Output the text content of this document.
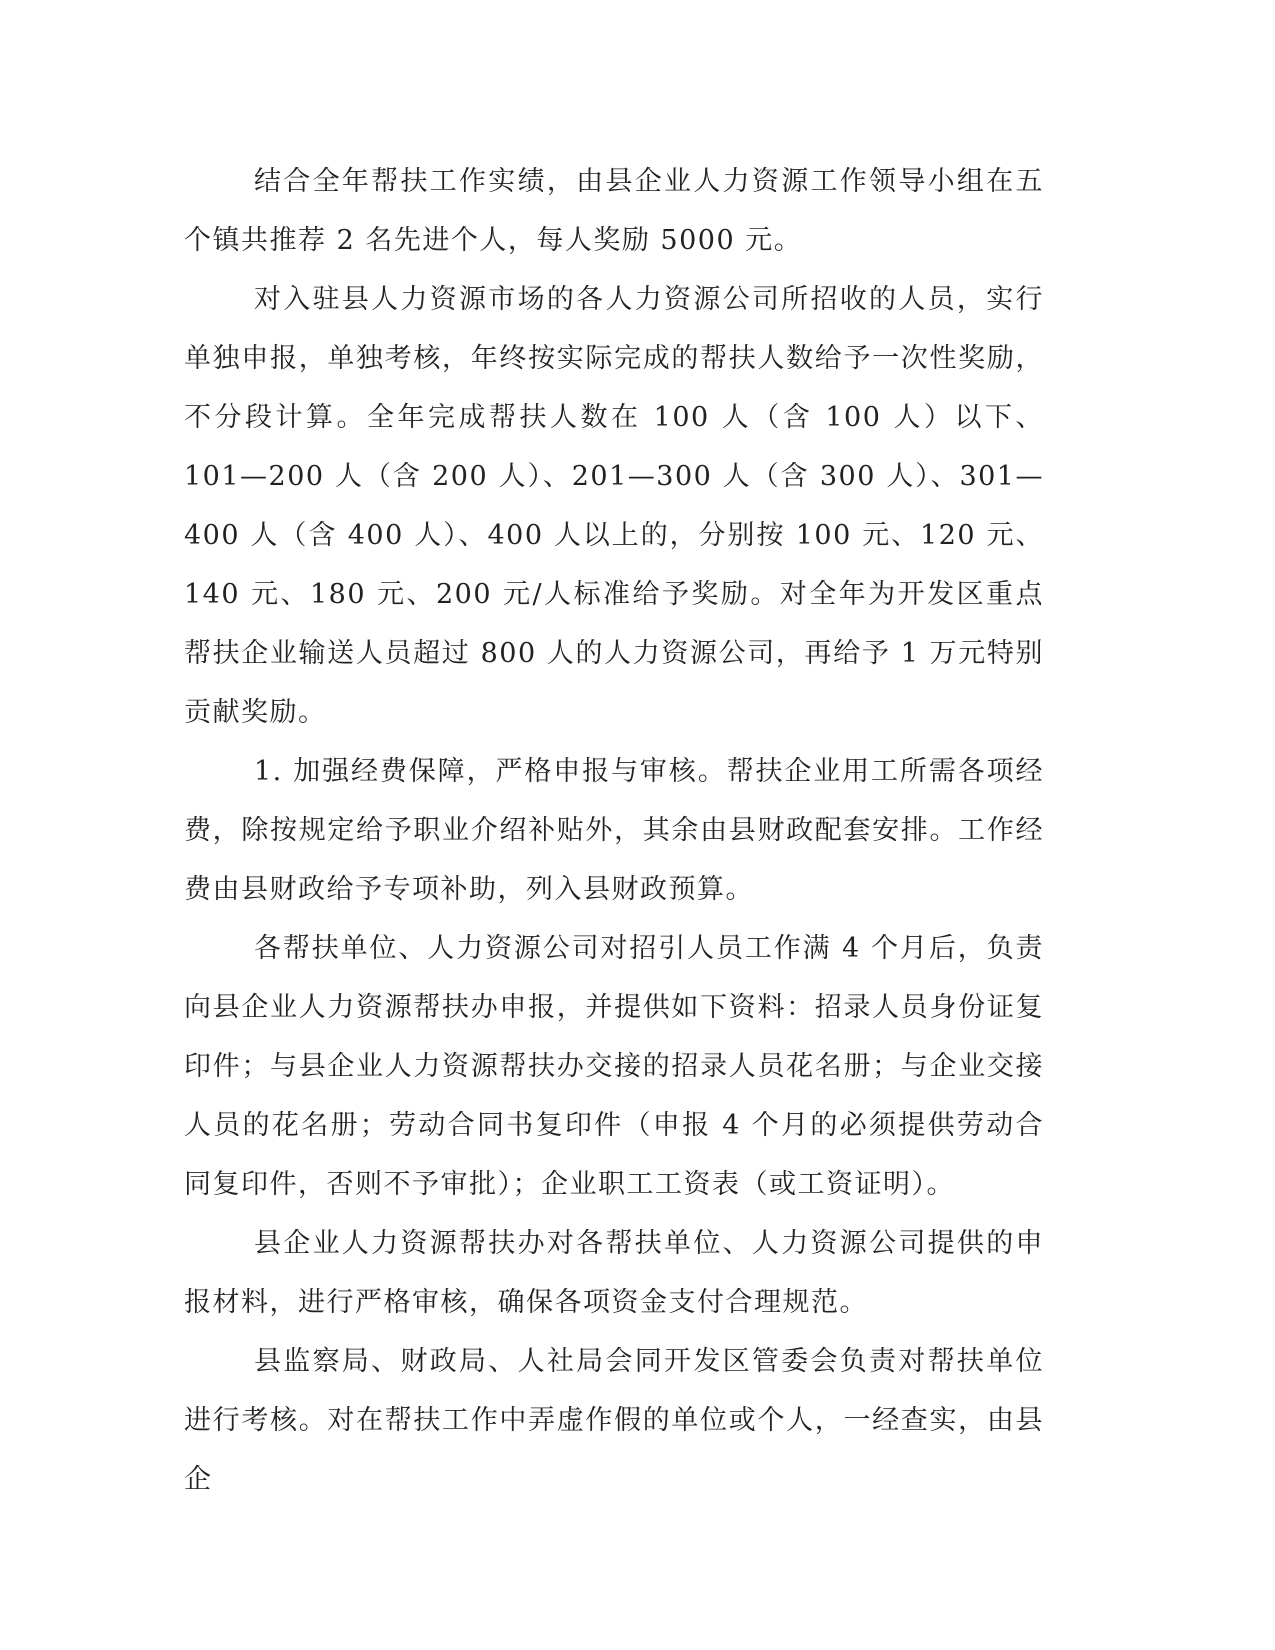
结合全年帮扶工作实绩，由县企业人力资源工作领导小组在五个镇共推荐 2 名先进个人，每人奖励 5000 元。

对入驻县人力资源市场的各人力资源公司所招收的人员，实行单独申报，单独考核，年终按实际完成的帮扶人数给予一次性奖励，不分段计算。全年完成帮扶人数在 100 人（含 100 人）以下、101—200 人（含 200 人）、201—300 人（含 300 人）、301—400 人（含 400 人）、400 人以上的，分别按 100 元、120 元、140 元、180 元、200 元/人标准给予奖励。对全年为开发区重点帮扶企业输送人员超过 800 人的人力资源公司，再给予 1 万元特别贡献奖励。

1. 加强经费保障，严格申报与审核。帮扶企业用工所需各项经费，除按规定给予职业介绍补贴外，其余由县财政配套安排。工作经费由县财政给予专项补助，列入县财政预算。

各帮扶单位、人力资源公司对招引人员工作满 4 个月后，负责向县企业人力资源帮扶办申报，并提供如下资料：招录人员身份证复印件；与县企业人力资源帮扶办交接的招录人员花名册；与企业交接人员的花名册；劳动合同书复印件（申报 4 个月的必须提供劳动合同复印件，否则不予审批）；企业职工工资表（或工资证明）。

县企业人力资源帮扶办对各帮扶单位、人力资源公司提供的申报材料，进行严格审核，确保各项资金支付合理规范。

县监察局、财政局、人社局会同开发区管委会负责对帮扶单位进行考核。对在帮扶工作中弄虚作假的单位或个人，一经查实，由县企
